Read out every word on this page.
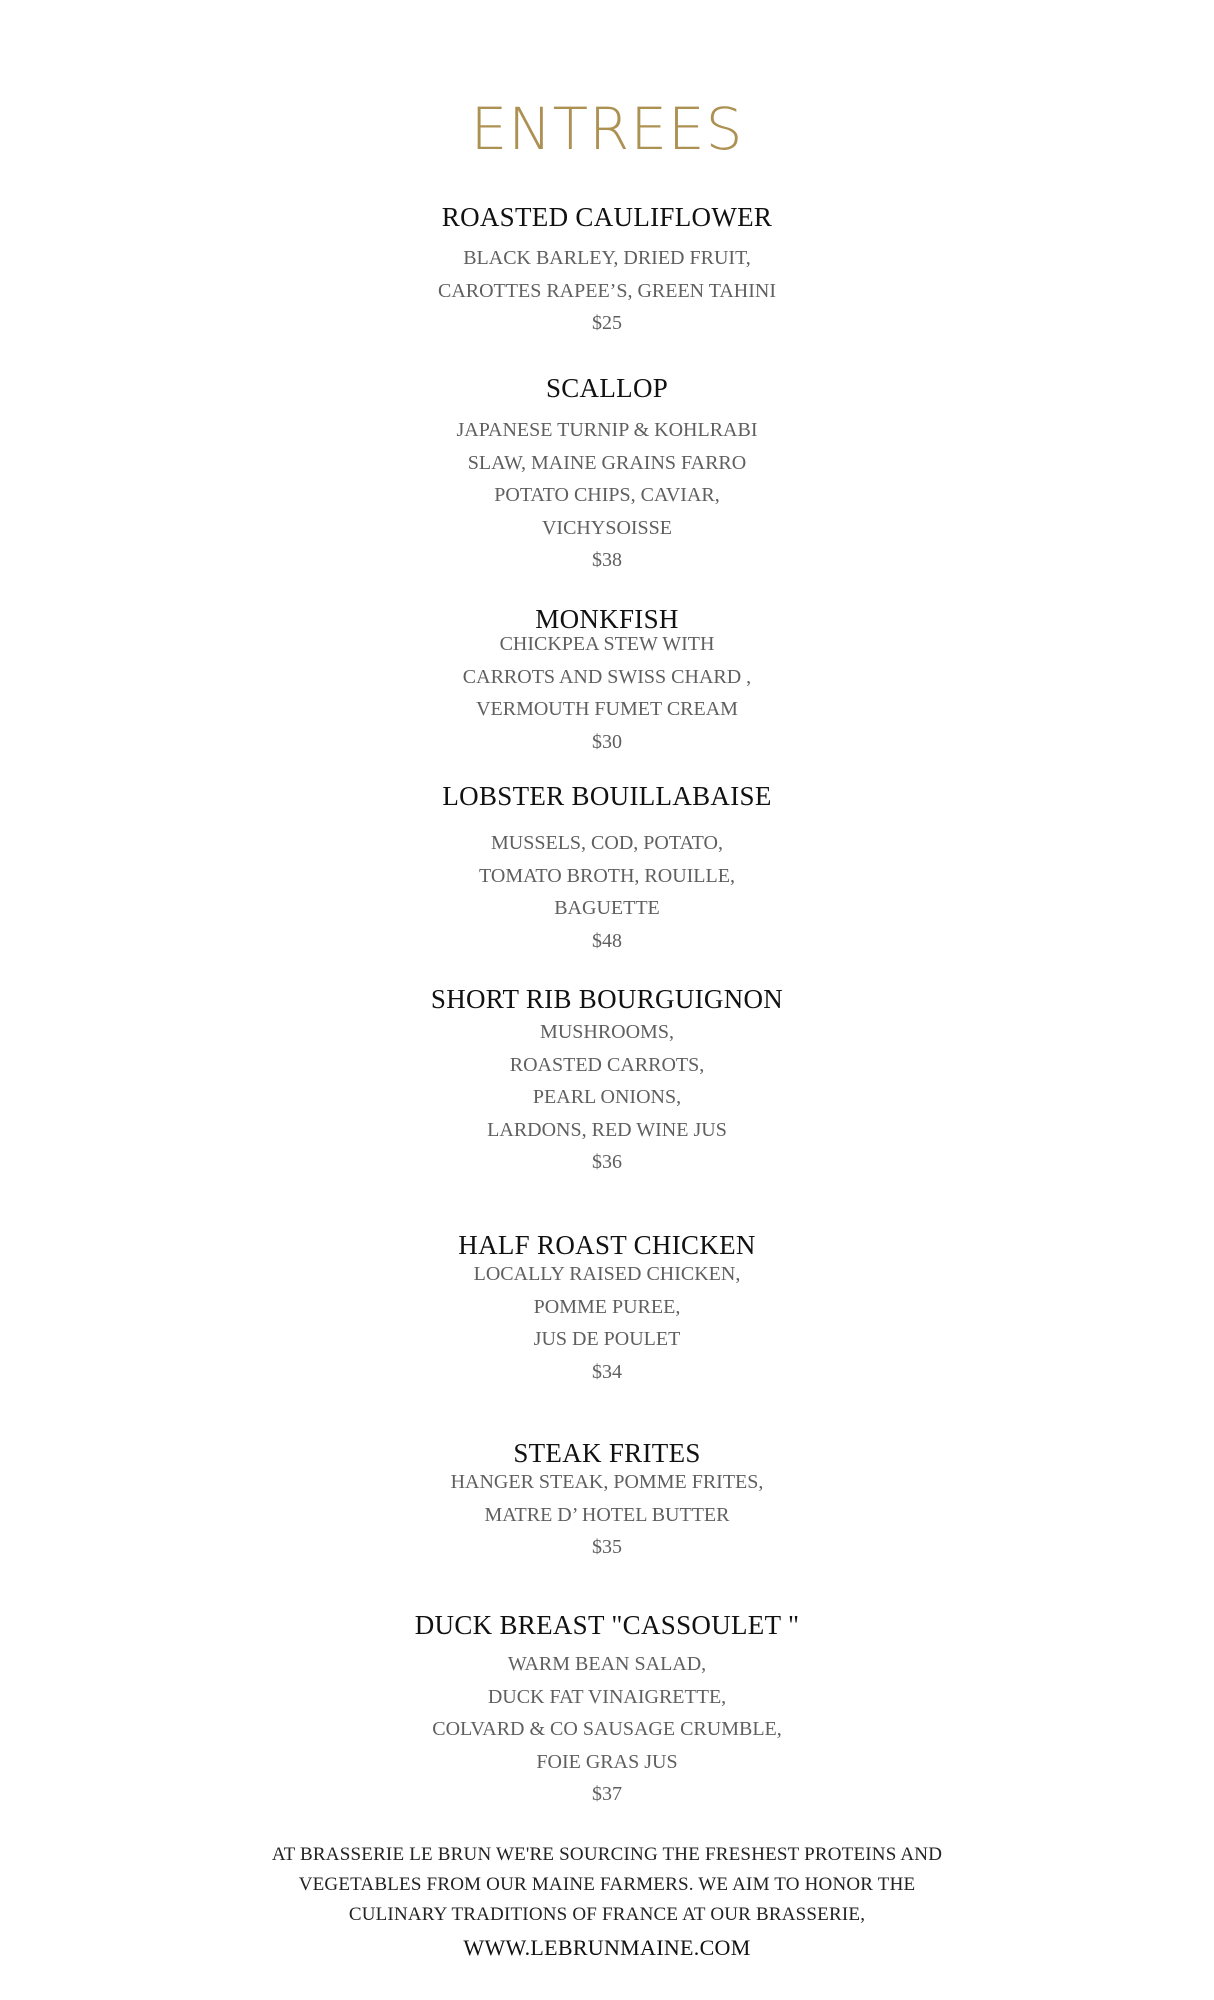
ENTREES
ROASTED CAULIFLOWER
BLACK BARLEY, DRIED FRUIT,
CAROTTES RAPEE’S, GREEN TAHINI
$25
SCALLOP
JAPANESE TURNIP & KOHLRABI
SLAW, MAINE GRAINS FARRO
POTATO CHIPS, CAVIAR,
VICHYSOISSE
$38
MONKFISH
CHICKPEA STEW WITH
CARROTS AND SWISS CHARD ,
VERMOUTH FUMET CREAM
$30
LOBSTER BOUILLABAISE
MUSSELS, COD, POTATO,
TOMATO BROTH, ROUILLE,
BAGUETTE
$48
SHORT RIB BOURGUIGNON
MUSHROOMS,
ROASTED CARROTS,
PEARL ONIONS,
LARDONS, RED WINE JUS
$36
HALF ROAST CHICKEN
LOCALLY RAISED CHICKEN,
POMME PUREE,
JUS DE POULET
$34
STEAK FRITES
HANGER STEAK, POMME FRITES,
MATRE D’ HOTEL BUTTER
$35
DUCK BREAST "CASSOULET "
WARM BEAN SALAD,
DUCK FAT VINAIGRETTE,
COLVARD & CO SAUSAGE CRUMBLE,
FOIE GRAS JUS
$37
AT BRASSERIE LE BRUN WE'RE SOURCING THE FRESHEST PROTEINS AND
VEGETABLES FROM OUR MAINE FARMERS. WE AIM TO HONOR THE
CULINARY TRADITIONS OF FRANCE AT OUR BRASSERIE,
WWW.LEBRUNMAINE.COM
